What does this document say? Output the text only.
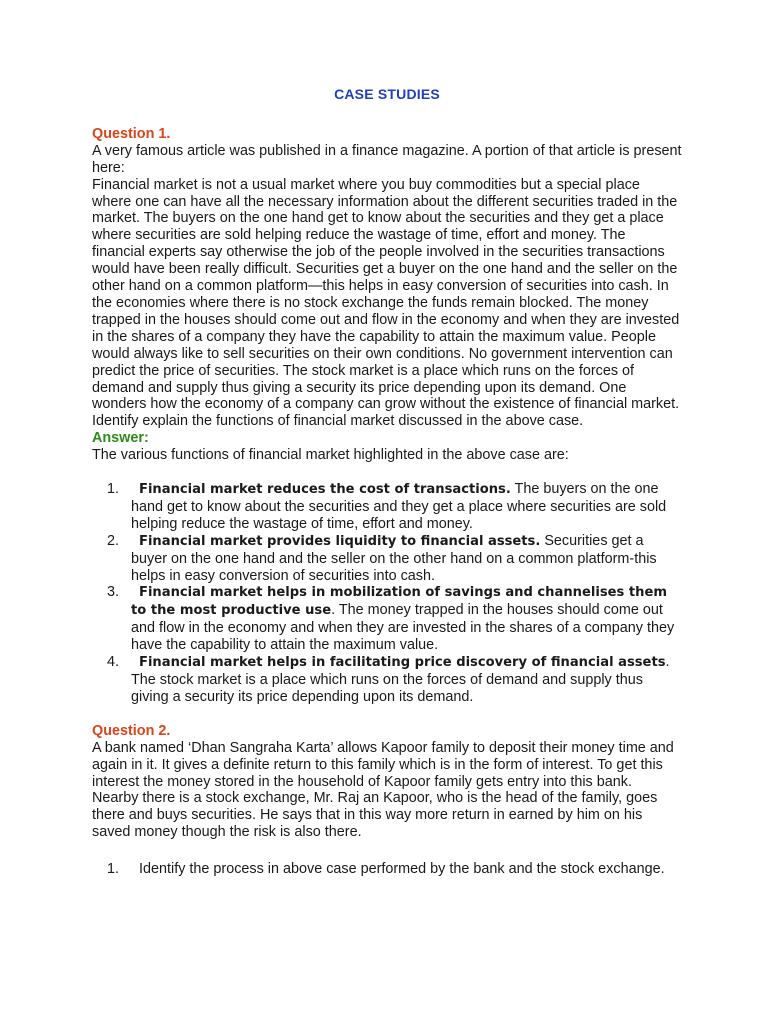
CASE STUDIES

Question 1.

A very famous article was published in a finance magazine. A portion of that article is present here:

Financial market is not a usual market where you buy commodities but a special place where one can have all the necessary information about the different securities traded in the market. The buyers on the one hand get to know about the securities and they get a place where securities are sold helping reduce the wastage of time, effort and money. The financial experts say otherwise the job of the people involved in the securities transactions would have been really difficult. Securities get a buyer on the one hand and the seller on the other hand on a common platform—this helps in easy conversion of securities into cash. In the economies where there is no stock exchange the funds remain blocked. The money trapped in the houses should come out and flow in the economy and when they are invested in the shares of a company they have the capability to attain the maximum value. People would always like to sell securities on their own conditions. No government intervention can predict the price of securities. The stock market is a place which runs on the forces of demand and supply thus giving a security its price depending upon its demand. One wonders how the economy of a company can grow without the existence of financial market. Identify explain the functions of financial market discussed in the above case.

Answer:

The various functions of financial market highlighted in the above case are:

1. Financial market reduces the cost of transactions. The buyers on the one hand get to know about the securities and they get a place where securities are sold helping reduce the wastage of time, effort and money.
2. Financial market provides liquidity to financial assets. Securities get a buyer on the one hand and the seller on the other hand on a common platform-this helps in easy conversion of securities into cash.
3. Financial market helps in mobilization of savings and channelises them to the most productive use. The money trapped in the houses should come out and flow in the economy and when they are invested in the shares of a company they have the capability to attain the maximum value.
4. Financial market helps in facilitating price discovery of financial assets. The stock market is a place which runs on the forces of demand and supply thus giving a security its price depending upon its demand.

Question 2.

A bank named ‘Dhan Sangraha Karta’ allows Kapoor family to deposit their money time and again in it. It gives a definite return to this family which is in the form of interest. To get this interest the money stored in the household of Kapoor family gets entry into this bank. Nearby there is a stock exchange, Mr. Raj an Kapoor, who is the head of the family, goes there and buys securities. He says that in this way more return in earned by him on his saved money though the risk is also there.

1. Identify the process in above case performed by the bank and the stock exchange.
